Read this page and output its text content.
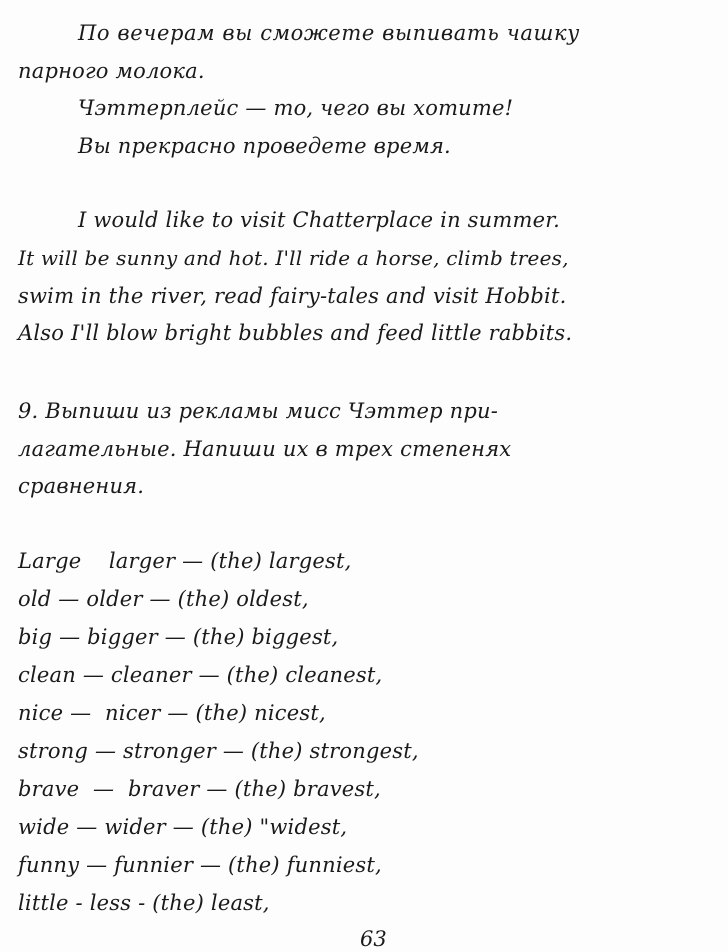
По вечерам вы сможете выпивать чашку
парного молока.
Чэттерплейс — то, чего вы хотите!
Вы прекрасно проведете время.
I would like to visit Chatterplace in summer.
It will be sunny and hot. I'll ride a horse, climb trees,
swim in the river, read fairy-tales and visit Hobbit.
Also I'll blow bright bubbles and feed little rabbits.
9. Выпиши из рекламы мисс Чэттер при-
лагательные. Напиши их в трех степенях
сравнения.
Large    larger — (the) largest,
old — older — (the) oldest,
big — bigger — (the) biggest,
clean — cleaner — (the) cleanest,
nice —  nicer — (the) nicest,
strong — stronger — (the) strongest,
brave  —  braver — (the) bravest,
wide — wider — (the) "widest,
funny — funnier — (the) funniest,
little - less - (the) least,
63
